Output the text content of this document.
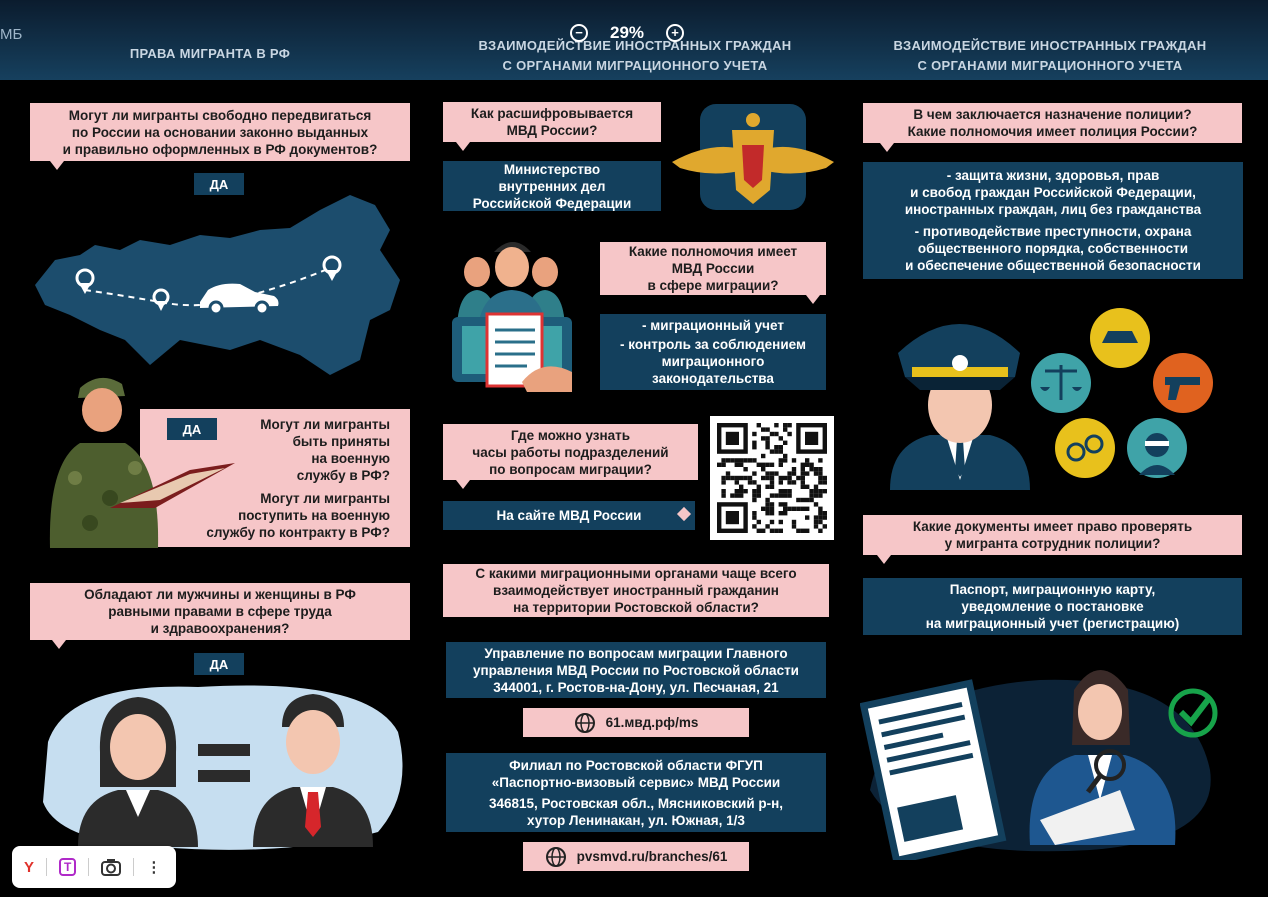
МБ
ПРАВА МИГРАНТА В РФ
ВЗАИМОДЕЙСТВИЕ ИНОСТРАННЫХ ГРАЖДАН
С ОРГАНАМИ МИГРАЦИОННОГО УЧЕТА
ВЗАИМОДЕЙСТВИЕ ИНОСТРАННЫХ ГРАЖДАН
С ОРГАНАМИ МИГРАЦИОННОГО УЧЕТА
−	29%	+
Могут ли мигранты свободно передвигаться
по России на основании законно выданных
и правильно оформленных в РФ документов?
ДА
Могут ли мигранты
быть приняты
на военную
службу в РФ?
Могут ли мигранты
поступить на военную
службу по контракту в РФ?
ДА
Обладают ли мужчины и женщины в РФ
равными правами в сфере труда
и здравоохранения?
ДА
Y	T	⋮
Как расшифровывается
МВД России?
Министерство
внутренних дел
Российской Федерации
Какие полномочия имеет
МВД России
в сфере миграции?
- миграционный учет
- контроль за соблюдением
миграционного
законодательства
Где можно узнать
часы работы подразделений
по вопросам миграции?
На сайте МВД России
С какими миграционными органами чаще всего
взаимодействует иностранный гражданин
на территории Ростовской области?
Управление по вопросам миграции Главного
управления МВД России по Ростовской области
344001, г. Ростов-на-Дону, ул. Песчаная, 21
61.мвд.рф/ms
Филиал по Ростовской области ФГУП
«Паспортно-визовый сервис» МВД России
346815, Ростовская обл., Мясниковский р-н,
хутор Ленинакан, ул. Южная, 1/3
pvsmvd.ru/branches/61
В чем заключается назначение полиции?
Какие полномочия имеет полиция России?
- защита жизни, здоровья, прав
и свобод граждан Российской Федерации,
иностранных граждан, лиц без гражданства
- противодействие преступности, охрана
общественного порядка, собственности
и обеспечение общественной безопасности
Какие документы имеет право проверять
у мигранта сотрудник полиции?
Паспорт, миграционную карту,
уведомление о постановке
на миграционный учет (регистрацию)
